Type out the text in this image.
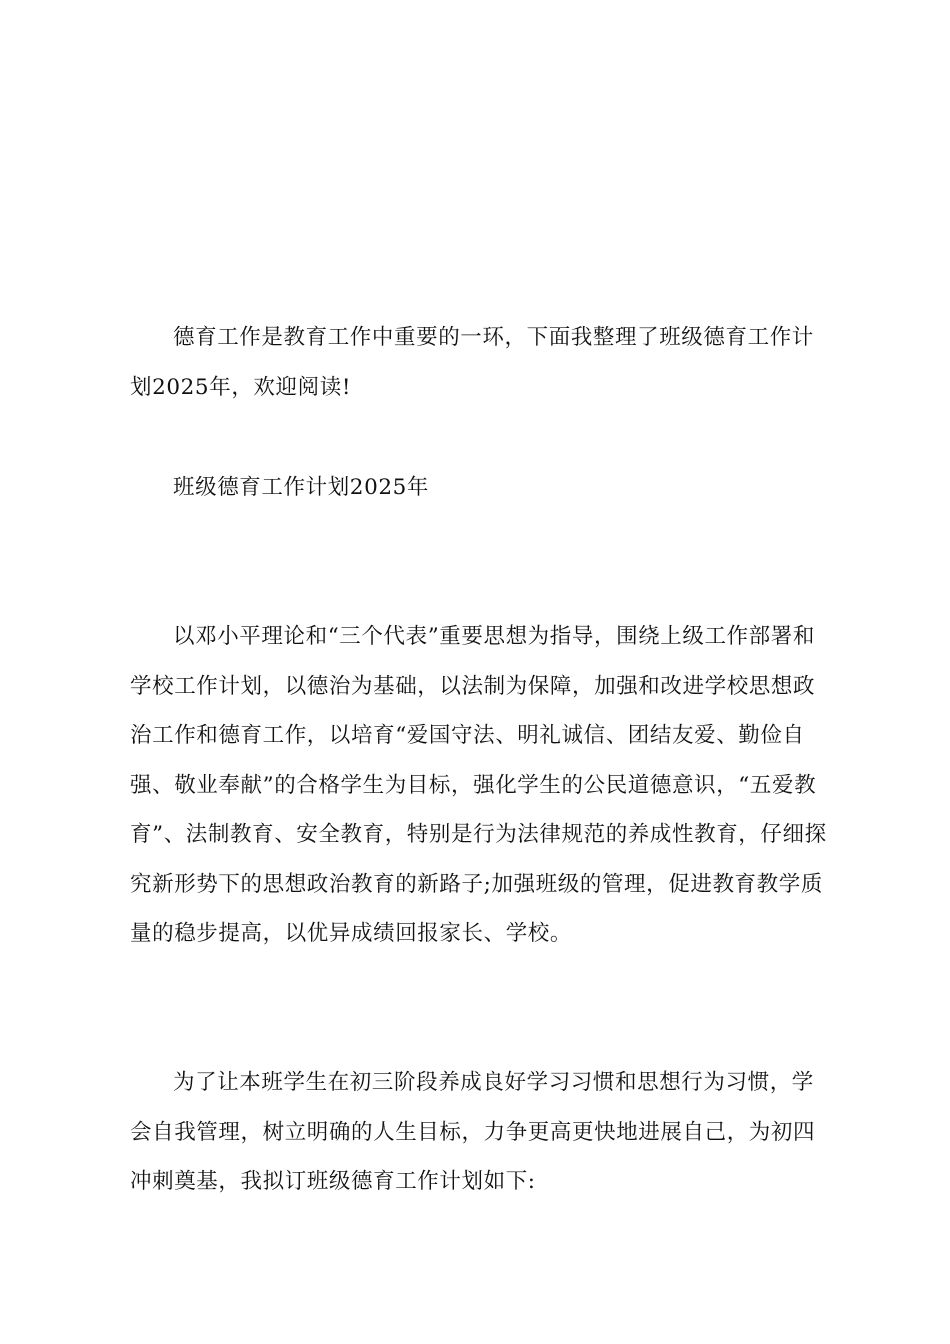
德育工作是教育工作中重要的一环，下面我整理了班级德育工作计划2025年，欢迎阅读!

班级德育工作计划2025年

以邓小平理论和“三个代表”重要思想为指导，围绕上级工作部署和学校工作计划，以德治为基础，以法制为保障，加强和改进学校思想政治工作和德育工作，以培育“爱国守法、明礼诚信、团结友爱、勤俭自强、敬业奉献”的合格学生为目标，强化学生的公民道德意识，“五爱教育”、法制教育、安全教育，特别是行为法律规范的养成性教育，仔细探究新形势下的思想政治教育的新路子;加强班级的管理，促进教育教学质量的稳步提高，以优异成绩回报家长、学校。

为了让本班学生在初三阶段养成良好学习习惯和思想行为习惯，学会自我管理，树立明确的人生目标，力争更高更快地进展自己，为初四冲刺奠基，我拟订班级德育工作计划如下:
